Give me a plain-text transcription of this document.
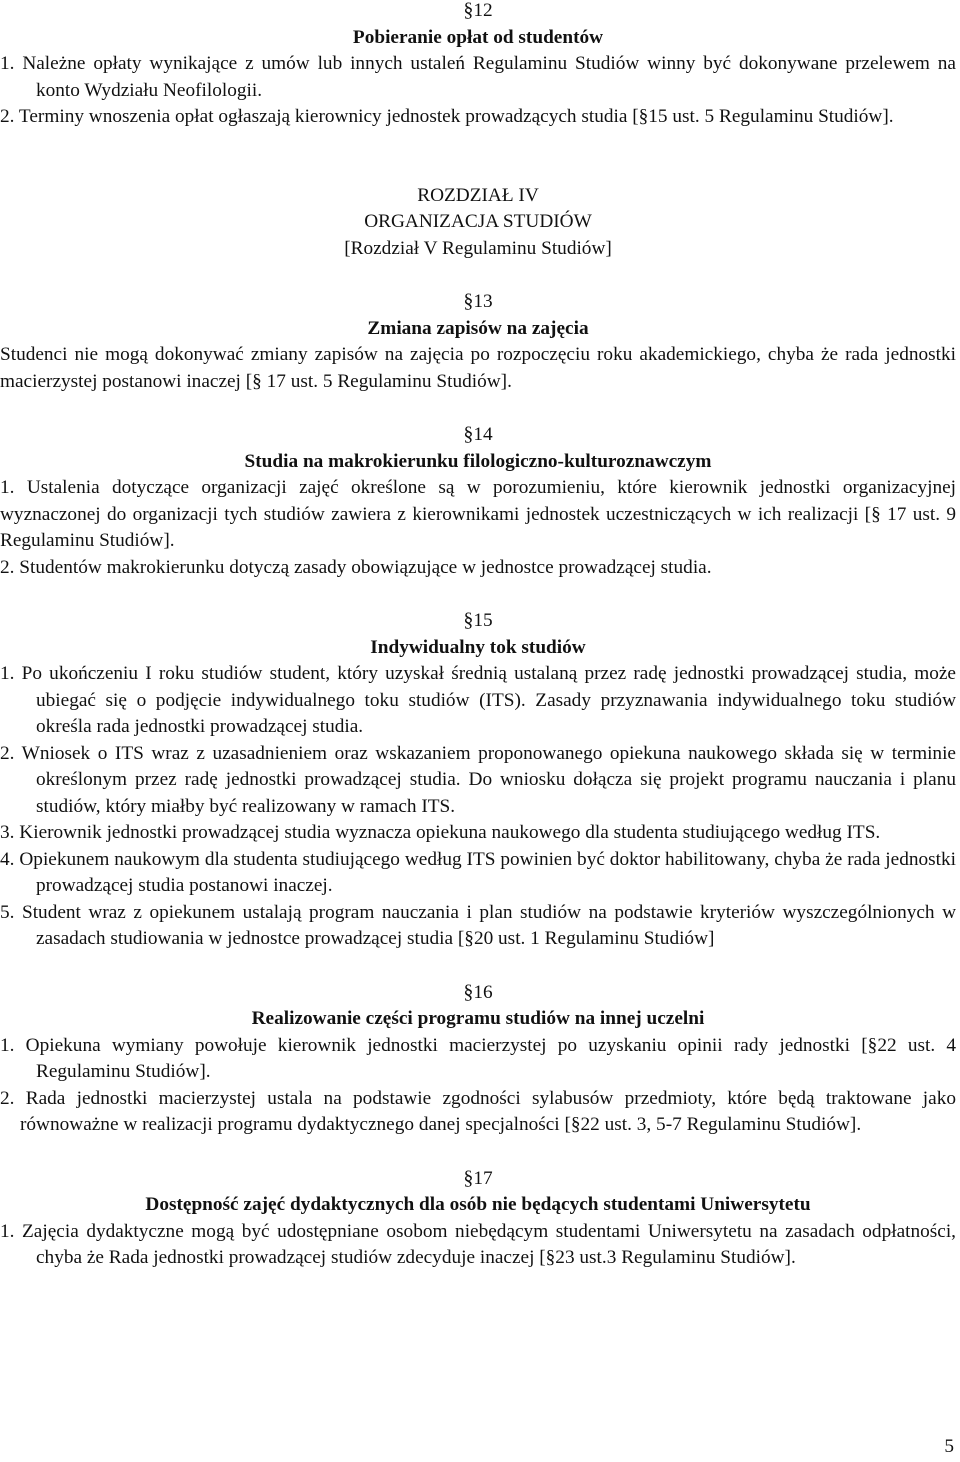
§12

Pobieranie opłat od studentów

1. Należne opłaty wynikające z umów lub innych ustaleń Regulaminu Studiów winny być dokonywane przelewem na konto Wydziału Neofilologii.

2. Terminy wnoszenia opłat ogłaszają kierownicy jednostek prowadzących studia [§15 ust. 5 Regulaminu Studiów].

ROZDZIAŁ IV

ORGANIZACJA STUDIÓW

[Rozdział V Regulaminu Studiów]

§13

Zmiana zapisów na zajęcia

Studenci nie mogą dokonywać zmiany zapisów na zajęcia po rozpoczęciu roku akademickiego, chyba że rada jednostki macierzystej postanowi inaczej [§ 17 ust. 5 Regulaminu Studiów].

§14

Studia na makrokierunku filologiczno-kulturoznawczym

1. Ustalenia dotyczące organizacji zajęć określone są w porozumieniu, które kierownik jednostki organizacyjnej wyznaczonej do organizacji tych studiów zawiera z kierownikami jednostek uczestniczących w ich realizacji [§ 17 ust. 9 Regulaminu Studiów].

2. Studentów makrokierunku dotyczą zasady obowiązujące w jednostce prowadzącej studia.

§15

Indywidualny tok studiów

1. Po ukończeniu I roku studiów student, który uzyskał średnią ustalaną przez radę jednostki prowadzącej studia, może ubiegać się o podjęcie indywidualnego toku studiów (ITS). Zasady przyznawania indywidualnego toku studiów określa rada jednostki prowadzącej studia.

2. Wniosek o ITS wraz z uzasadnieniem oraz wskazaniem proponowanego opiekuna naukowego składa się w terminie określonym przez radę jednostki prowadzącej studia. Do wniosku dołącza się projekt programu nauczania i planu studiów, który miałby być realizowany w ramach ITS.

3. Kierownik jednostki prowadzącej studia wyznacza opiekuna naukowego dla studenta studiującego według ITS.

4. Opiekunem naukowym dla studenta studiującego według ITS powinien być doktor habilitowany, chyba że rada jednostki prowadzącej studia postanowi inaczej.

5. Student wraz z opiekunem ustalają program nauczania i plan studiów na podstawie kryteriów wyszczególnionych w zasadach studiowania w jednostce prowadzącej studia [§20 ust. 1 Regulaminu Studiów]

§16

Realizowanie części programu studiów na innej uczelni

1. Opiekuna wymiany powołuje kierownik jednostki macierzystej po uzyskaniu opinii rady jednostki [§22 ust. 4 Regulaminu Studiów].

2. Rada jednostki macierzystej ustala na podstawie zgodności sylabusów przedmioty, które będą traktowane jako równoważne w realizacji programu dydaktycznego danej specjalności [§22 ust. 3, 5-7 Regulaminu Studiów].

§17

Dostępność zajęć dydaktycznych dla osób nie będących studentami Uniwersytetu

1. Zajęcia dydaktyczne mogą być udostępniane osobom niebędącym studentami Uniwersytetu na zasadach odpłatności, chyba że Rada jednostki prowadzącej studiów zdecyduje inaczej [§23 ust.3 Regulaminu Studiów].

5
